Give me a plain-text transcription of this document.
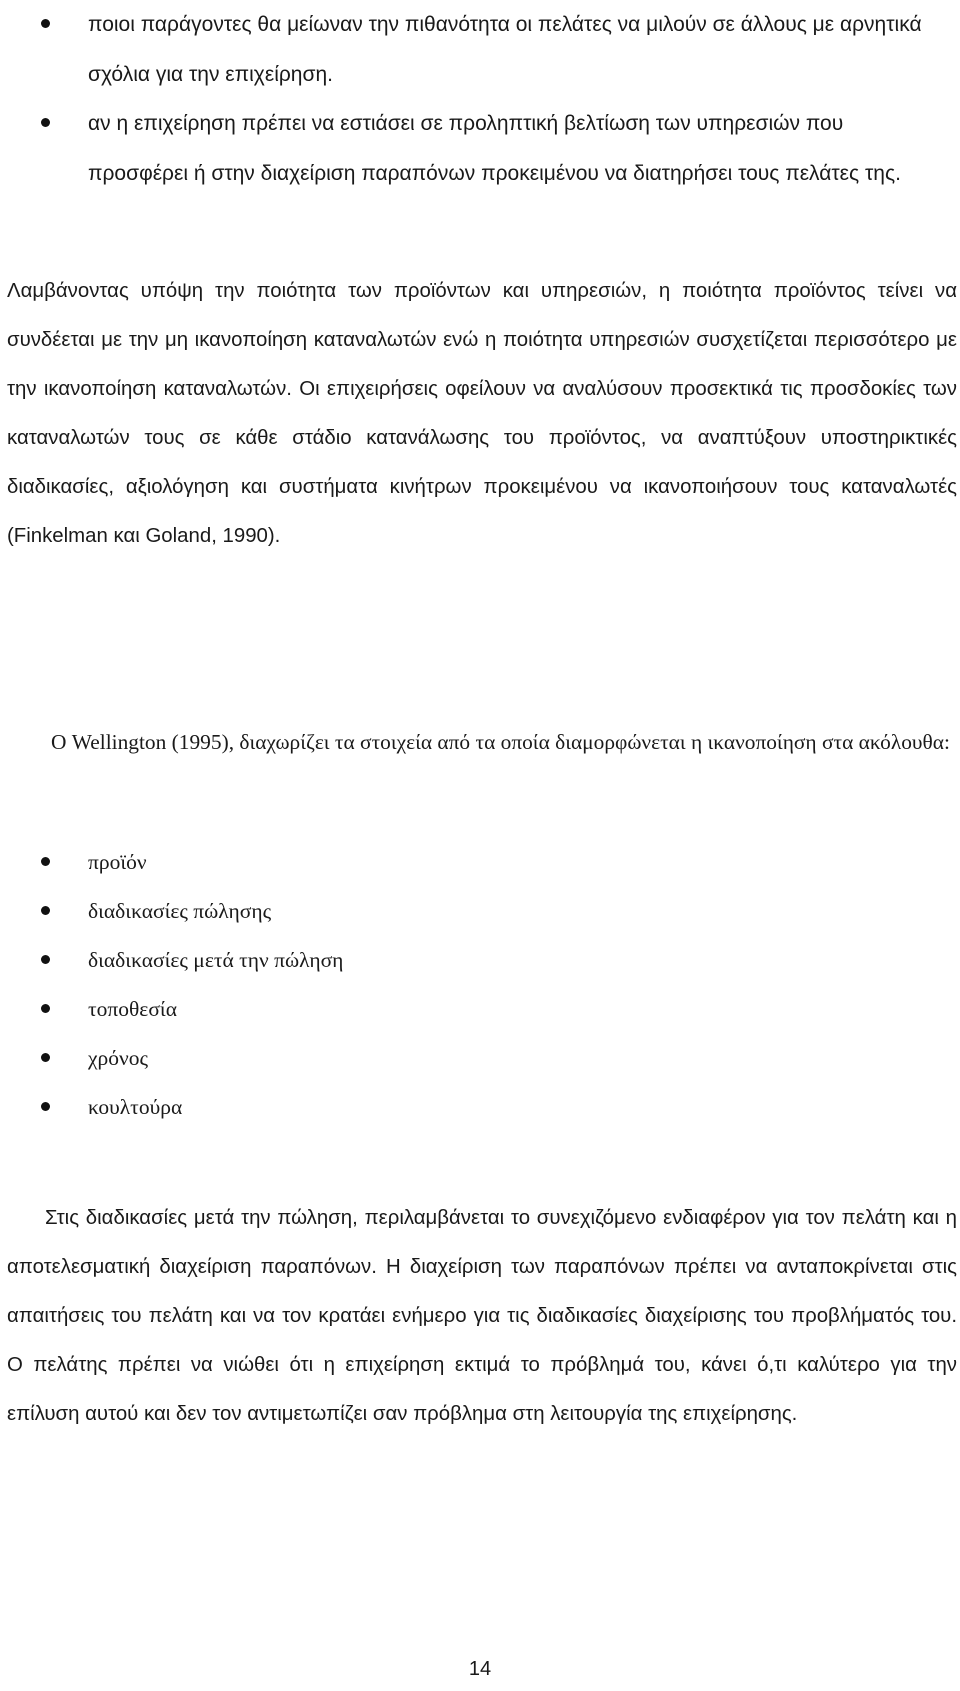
ποιοι παράγοντες θα μείωναν την πιθανότητα οι πελάτες να μιλούν σε άλλους με αρνητικά σχόλια για την επιχείρηση.
αν η επιχείρηση πρέπει να εστιάσει σε προληπτική βελτίωση των υπηρεσιών που προσφέρει ή στην διαχείριση παραπόνων προκειμένου να διατηρήσει τους πελάτες της.

Λαμβάνοντας υπόψη την ποιότητα των προϊόντων και υπηρεσιών, η ποιότητα προϊόντος τείνει να συνδέεται με την μη ικανοποίηση καταναλωτών ενώ η ποιότητα υπηρεσιών συσχετίζεται περισσότερο με την ικανοποίηση καταναλωτών. Οι επιχειρήσεις οφείλουν να αναλύσουν προσεκτικά τις προσδοκίες των καταναλωτών τους σε κάθε στάδιο κατανάλωσης του προϊόντος, να αναπτύξουν υποστηρικτικές διαδικασίες, αξιολόγηση και συστήματα κινήτρων προκειμένου να ικανοποιήσουν τους καταναλωτές (Finkelman και Goland, 1990).

Ο Wellington (1995), διαχωρίζει τα στοιχεία από τα οποία διαμορφώνεται η ικανοποίηση στα ακόλουθα:

προϊόν
διαδικασίες πώλησης
διαδικασίες μετά την πώληση
τοποθεσία
χρόνος
κουλτούρα

Στις διαδικασίες μετά την πώληση, περιλαμβάνεται το συνεχιζόμενο ενδιαφέρον για τον πελάτη και η αποτελεσματική διαχείριση παραπόνων. Η διαχείριση των παραπόνων πρέπει να ανταποκρίνεται στις απαιτήσεις του πελάτη και να τον κρατάει ενήμερο για τις διαδικασίες διαχείρισης του προβλήματός του. Ο πελάτης πρέπει να νιώθει ότι η επιχείρηση εκτιμά το πρόβλημά του, κάνει ό,τι καλύτερο για την επίλυση αυτού και δεν τον αντιμετωπίζει σαν πρόβλημα στη λειτουργία της επιχείρησης.

14
